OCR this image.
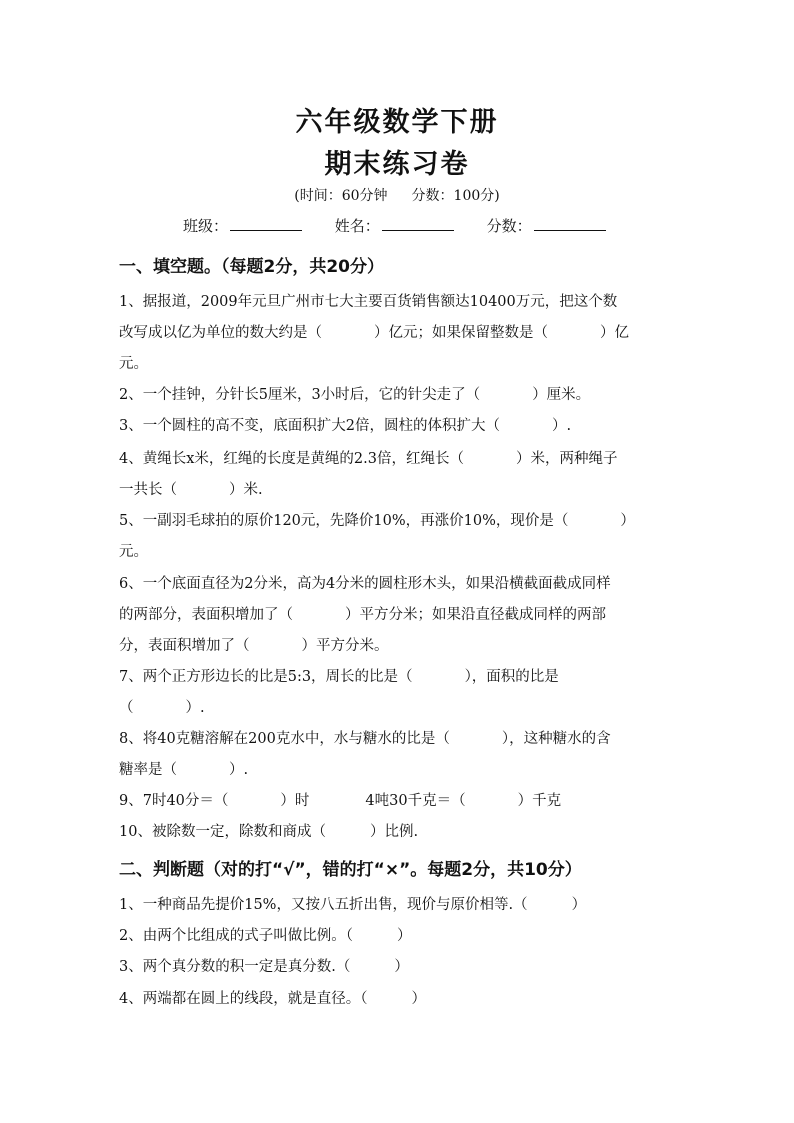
六年级数学下册
期末练习卷
(时间：60分钟 分数：100分)
班级：	姓名：	分数：
一、填空题。（每题2分，共20分）
1、据报道，2009年元旦广州市七大主要百货销售额达10400万元，把这个数
改写成以亿为单位的数大约是（	）亿元；如果保留整数是（	）亿
元。
2、一个挂钟，分针长5厘米，3小时后，它的针尖走了（	）厘米。
3、一个圆柱的高不变，底面积扩大2倍，圆柱的体积扩大（	）.
4、黄绳长x米，红绳的长度是黄绳的2.3倍，红绳长（	）米，两种绳子
一共长（	）米.
5、一副羽毛球拍的原价120元，先降价10%，再涨价10%，现价是（	）
元。
6、一个底面直径为2分米，高为4分米的圆柱形木头，如果沿横截面截成同样
的两部分，表面积增加了（	）平方分米；如果沿直径截成同样的两部
分，表面积增加了（	）平方分米。
7、两个正方形边长的比是5:3，周长的比是（	），面积的比是
（	）.
8、将40克糖溶解在200克水中，水与糖水的比是（	），这种糖水的含
糖率是（	）.
9、7时40分＝（	）时	4吨30千克＝（	）千克
10、被除数一定，除数和商成（	）比例.
二、判断题（对的打“√”，错的打“×”。每题2分，共10分）
1、一种商品先提价15%，又按八五折出售，现价与原价相等.（	）
2、由两个比组成的式子叫做比例。（	）
3、两个真分数的积一定是真分数.（	）
4、两端都在圆上的线段，就是直径。（	）
